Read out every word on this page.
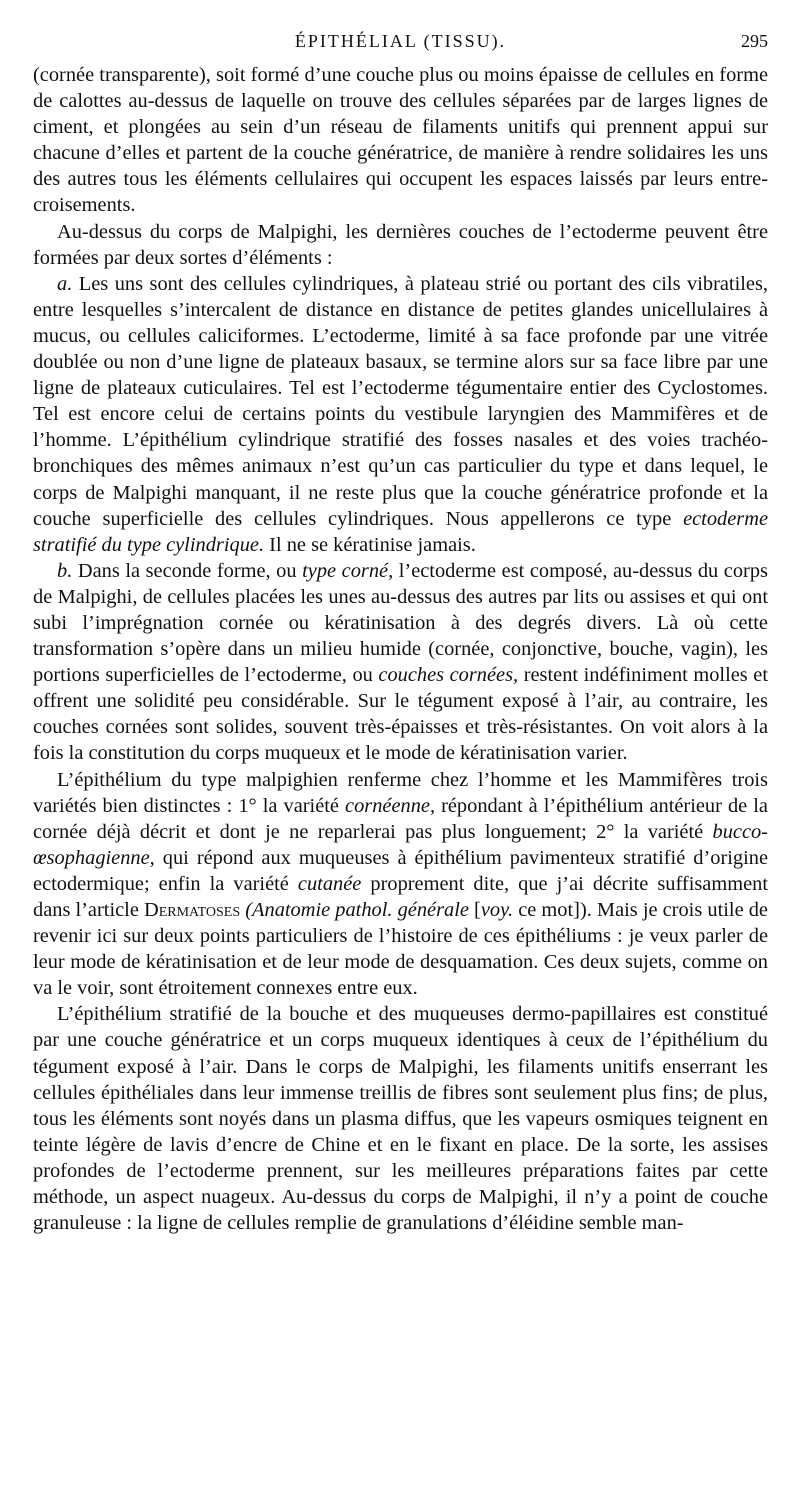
ÉPITHÉLIAL (TISSU).	295

(cornée transparente), soit formé d’une couche plus ou moins épaisse de cellules en forme de calottes au-dessus de laquelle on trouve des cellules séparées par de larges lignes de ciment, et plongées au sein d’un réseau de filaments unitifs qui prennent appui sur chacune d’elles et partent de la couche génératrice, de manière à rendre solidaires les uns des autres tous les éléments cellulaires qui occupent les espaces laissés par leurs entre-croisements.

Au-dessus du corps de Malpighi, les dernières couches de l’ectoderme peuvent être formées par deux sortes d’éléments :

a. Les uns sont des cellules cylindriques, à plateau strié ou portant des cils vibratiles, entre lesquelles s’intercalent de distance en distance de petites glandes unicellulaires à mucus, ou cellules caliciformes. L’ectoderme, limité à sa face profonde par une vitrée doublée ou non d’une ligne de plateaux basaux, se termine alors sur sa face libre par une ligne de plateaux cuticulaires. Tel est l’ectoderme tégumentaire entier des Cyclostomes. Tel est encore celui de certains points du vestibule laryngien des Mammifères et de l’homme. L’épithélium cylindrique stratifié des fosses nasales et des voies trachéo-bronchiques des mêmes animaux n’est qu’un cas particulier du type et dans lequel, le corps de Malpighi manquant, il ne reste plus que la couche génératrice profonde et la couche superficielle des cellules cylindriques. Nous appellerons ce type ectoderme stratifié du type cylindrique. Il ne se kératinise jamais.

b. Dans la seconde forme, ou type corné, l’ectoderme est composé, au-dessus du corps de Malpighi, de cellules placées les unes au-dessus des autres par lits ou assises et qui ont subi l’imprégnation cornée ou kératinisation à des degrés divers. Là où cette transformation s’opère dans un milieu humide (cornée, conjonctive, bouche, vagin), les portions superficielles de l’ectoderme, ou couches cornées, restent indéfiniment molles et offrent une solidité peu considérable. Sur le tégument exposé à l’air, au contraire, les couches cornées sont solides, souvent très-épaisses et très-résistantes. On voit alors à la fois la constitution du corps muqueux et le mode de kératinisation varier.

L’épithélium du type malpighien renferme chez l’homme et les Mammifères trois variétés bien distinctes : 1° la variété cornéenne, répondant à l’épithélium antérieur de la cornée déjà décrit et dont je ne reparlerai pas plus longuement; 2° la variété bucco-œsophagienne, qui répond aux muqueuses à épithélium pavimenteux stratifié d’origine ectodermique; enfin la variété cutanée proprement dite, que j’ai décrite suffisamment dans l’article Dermatoses (Anatomie pathol. générale [voy. ce mot]). Mais je crois utile de revenir ici sur deux points particuliers de l’histoire de ces épithéliums : je veux parler de leur mode de kératinisation et de leur mode de desquamation. Ces deux sujets, comme on va le voir, sont étroitement connexes entre eux.

L’épithélium stratifié de la bouche et des muqueuses dermo-papillaires est constitué par une couche génératrice et un corps muqueux identiques à ceux de l’épithélium du tégument exposé à l’air. Dans le corps de Malpighi, les filaments unitifs enserrant les cellules épithéliales dans leur immense treillis de fibres sont seulement plus fins; de plus, tous les éléments sont noyés dans un plasma diffus, que les vapeurs osmiques teignent en teinte légère de lavis d’encre de Chine et en le fixant en place. De la sorte, les assises profondes de l’ectoderme prennent, sur les meilleures préparations faites par cette méthode, un aspect nuageux. Au-dessus du corps de Malpighi, il n’y a point de couche granuleuse : la ligne de cellules remplie de granulations d’éléidine semble man-
